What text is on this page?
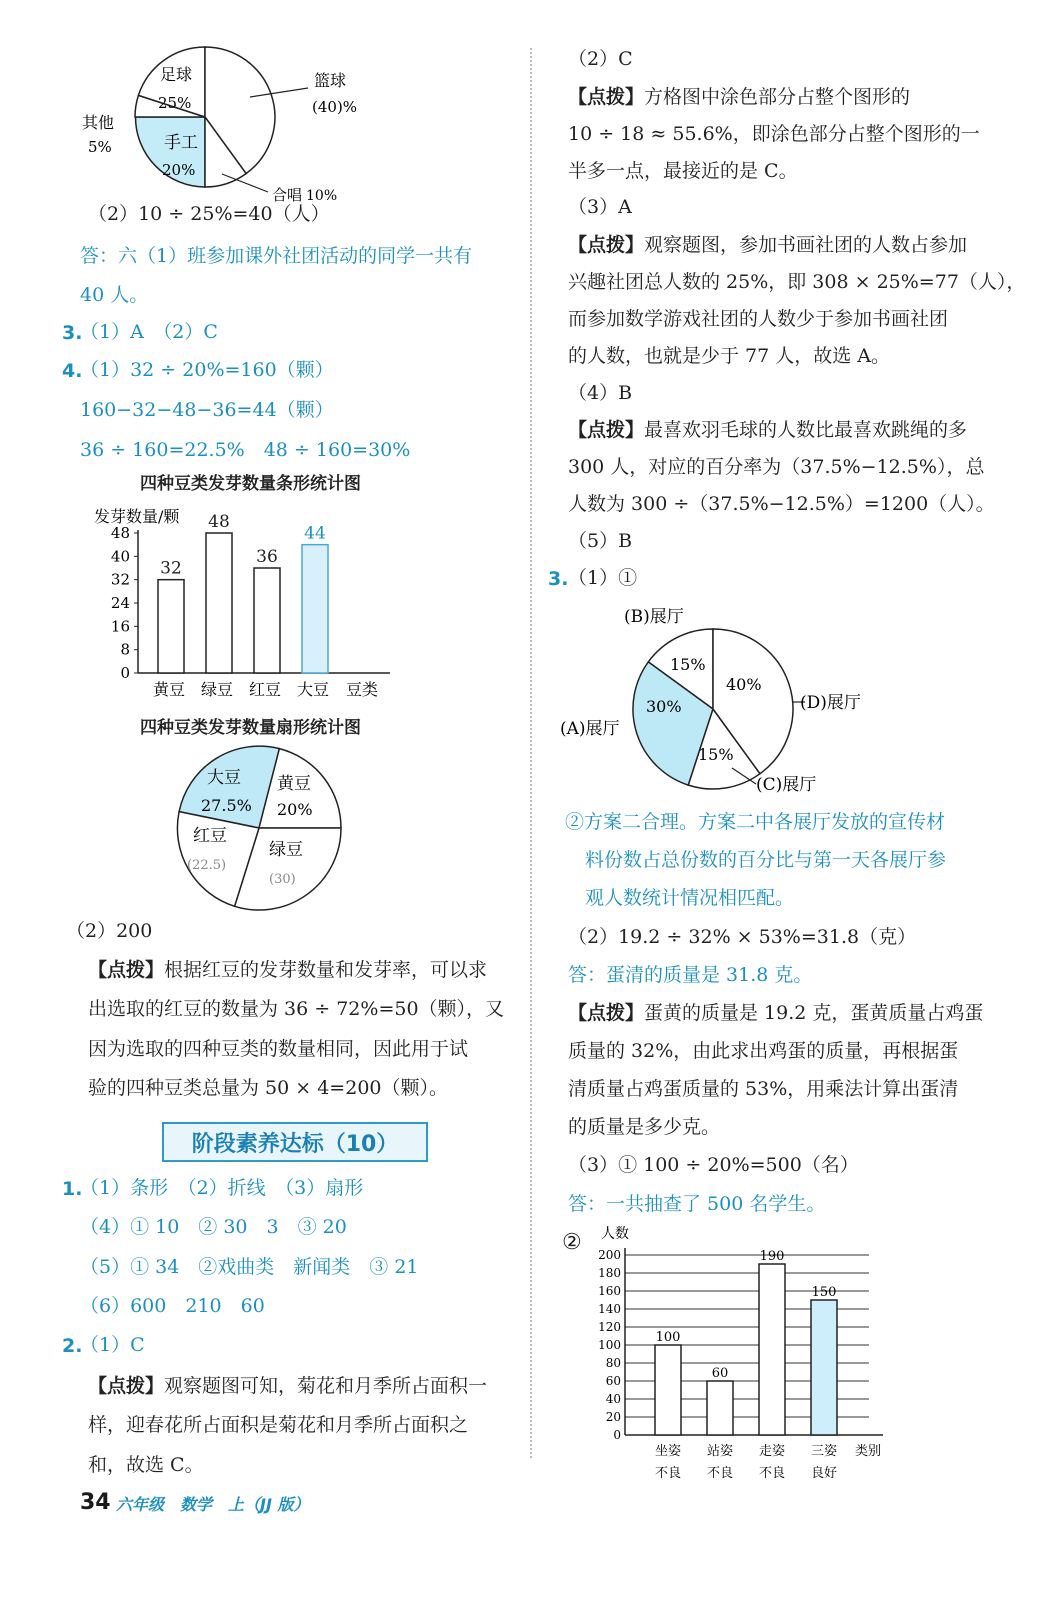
足球
25%
篮球
(40)%
其他
5%	手工
20%
合唱 10%
（2）10 ÷ 25%=40（人）
答：六（1）班参加课外社团活动的同学一共有
40 人。
3.
（1）A　（2）C
4.
（1）32 ÷ 20%=160（颗）
160−32−48−36=44（颗）
36 ÷ 160=22.5%　48 ÷ 160=30%
四种豆类发芽数量条形统计图
发芽数量/颗
0
8
16
24
32
40
48
32
黄豆
48
绿豆
36
红豆
44
大豆 豆类
四种豆类发芽数量扇形统计图
大豆
27.5%
黄豆
20%
红豆
(22.5)
绿豆
(30)
（2）200
【点拨】根据红豆的发芽数量和发芽率，可以求
出选取的红豆的数量为 36 ÷ 72%=50（颗），又
因为选取的四种豆类的数量相同，因此用于试
验的四种豆类总量为 50 × 4=200（颗）。
阶段素养达标（10）
1.
（1）条形　（2）折线　（3）扇形
（4）① 10　② 30　3　③ 20
（5）① 34　②戏曲类　新闻类　③ 21
（6）600　210　60
2.
（1）C
【点拨】观察题图可知，菊花和月季所占面积一
样，迎春花所占面积是菊花和月季所占面积之
和，故选 C。
（2）C
【点拨】方格图中涂色部分占整个图形的
10 ÷ 18 ≈ 55.6%，即涂色部分占整个图形的一
半多一点，最接近的是 C。
（3）A
【点拨】观察题图，参加书画社团的人数占参加
兴趣社团总人数的 25%，即 308 × 25%=77（人），
而参加数学游戏社团的人数少于参加书画社团
的人数，也就是少于 77 人，故选 A。
（4）B
【点拨】最喜欢羽毛球的人数比最喜欢跳绳的多
300 人，对应的百分率为（37.5%−12.5%），总
人数为 300 ÷（37.5%−12.5%）=1200（人）。
（5）B
3. （1）①
(B)展厅
15%
(A)展厅
30%	(D)展厅
40%
(C)展厅
15%
②方案二合理。方案二中各展厅发放的宣传材
料份数占总份数的百分比与第一天各展厅参
观人数统计情况相匹配。
（2）19.2 ÷ 32% × 53%=31.8（克）
答：蛋清的质量是 31.8 克。
【点拨】蛋黄的质量是 19.2 克，蛋黄质量占鸡蛋
质量的 32%，由此求出鸡蛋的质量，再根据蛋
清质量占鸡蛋质量的 53%，用乘法计算出蛋清
的质量是多少克。
（3）① 100 ÷ 20%=500（名）
答：一共抽查了 500 名学生。
② 人数
0
20
40
60
80
100
120
140
160
180
200
100
坐姿
不良
60
站姿
不良
190
走姿
不良
150
三姿
良好
类别
34 六年级　数学　上（JJ 版）
